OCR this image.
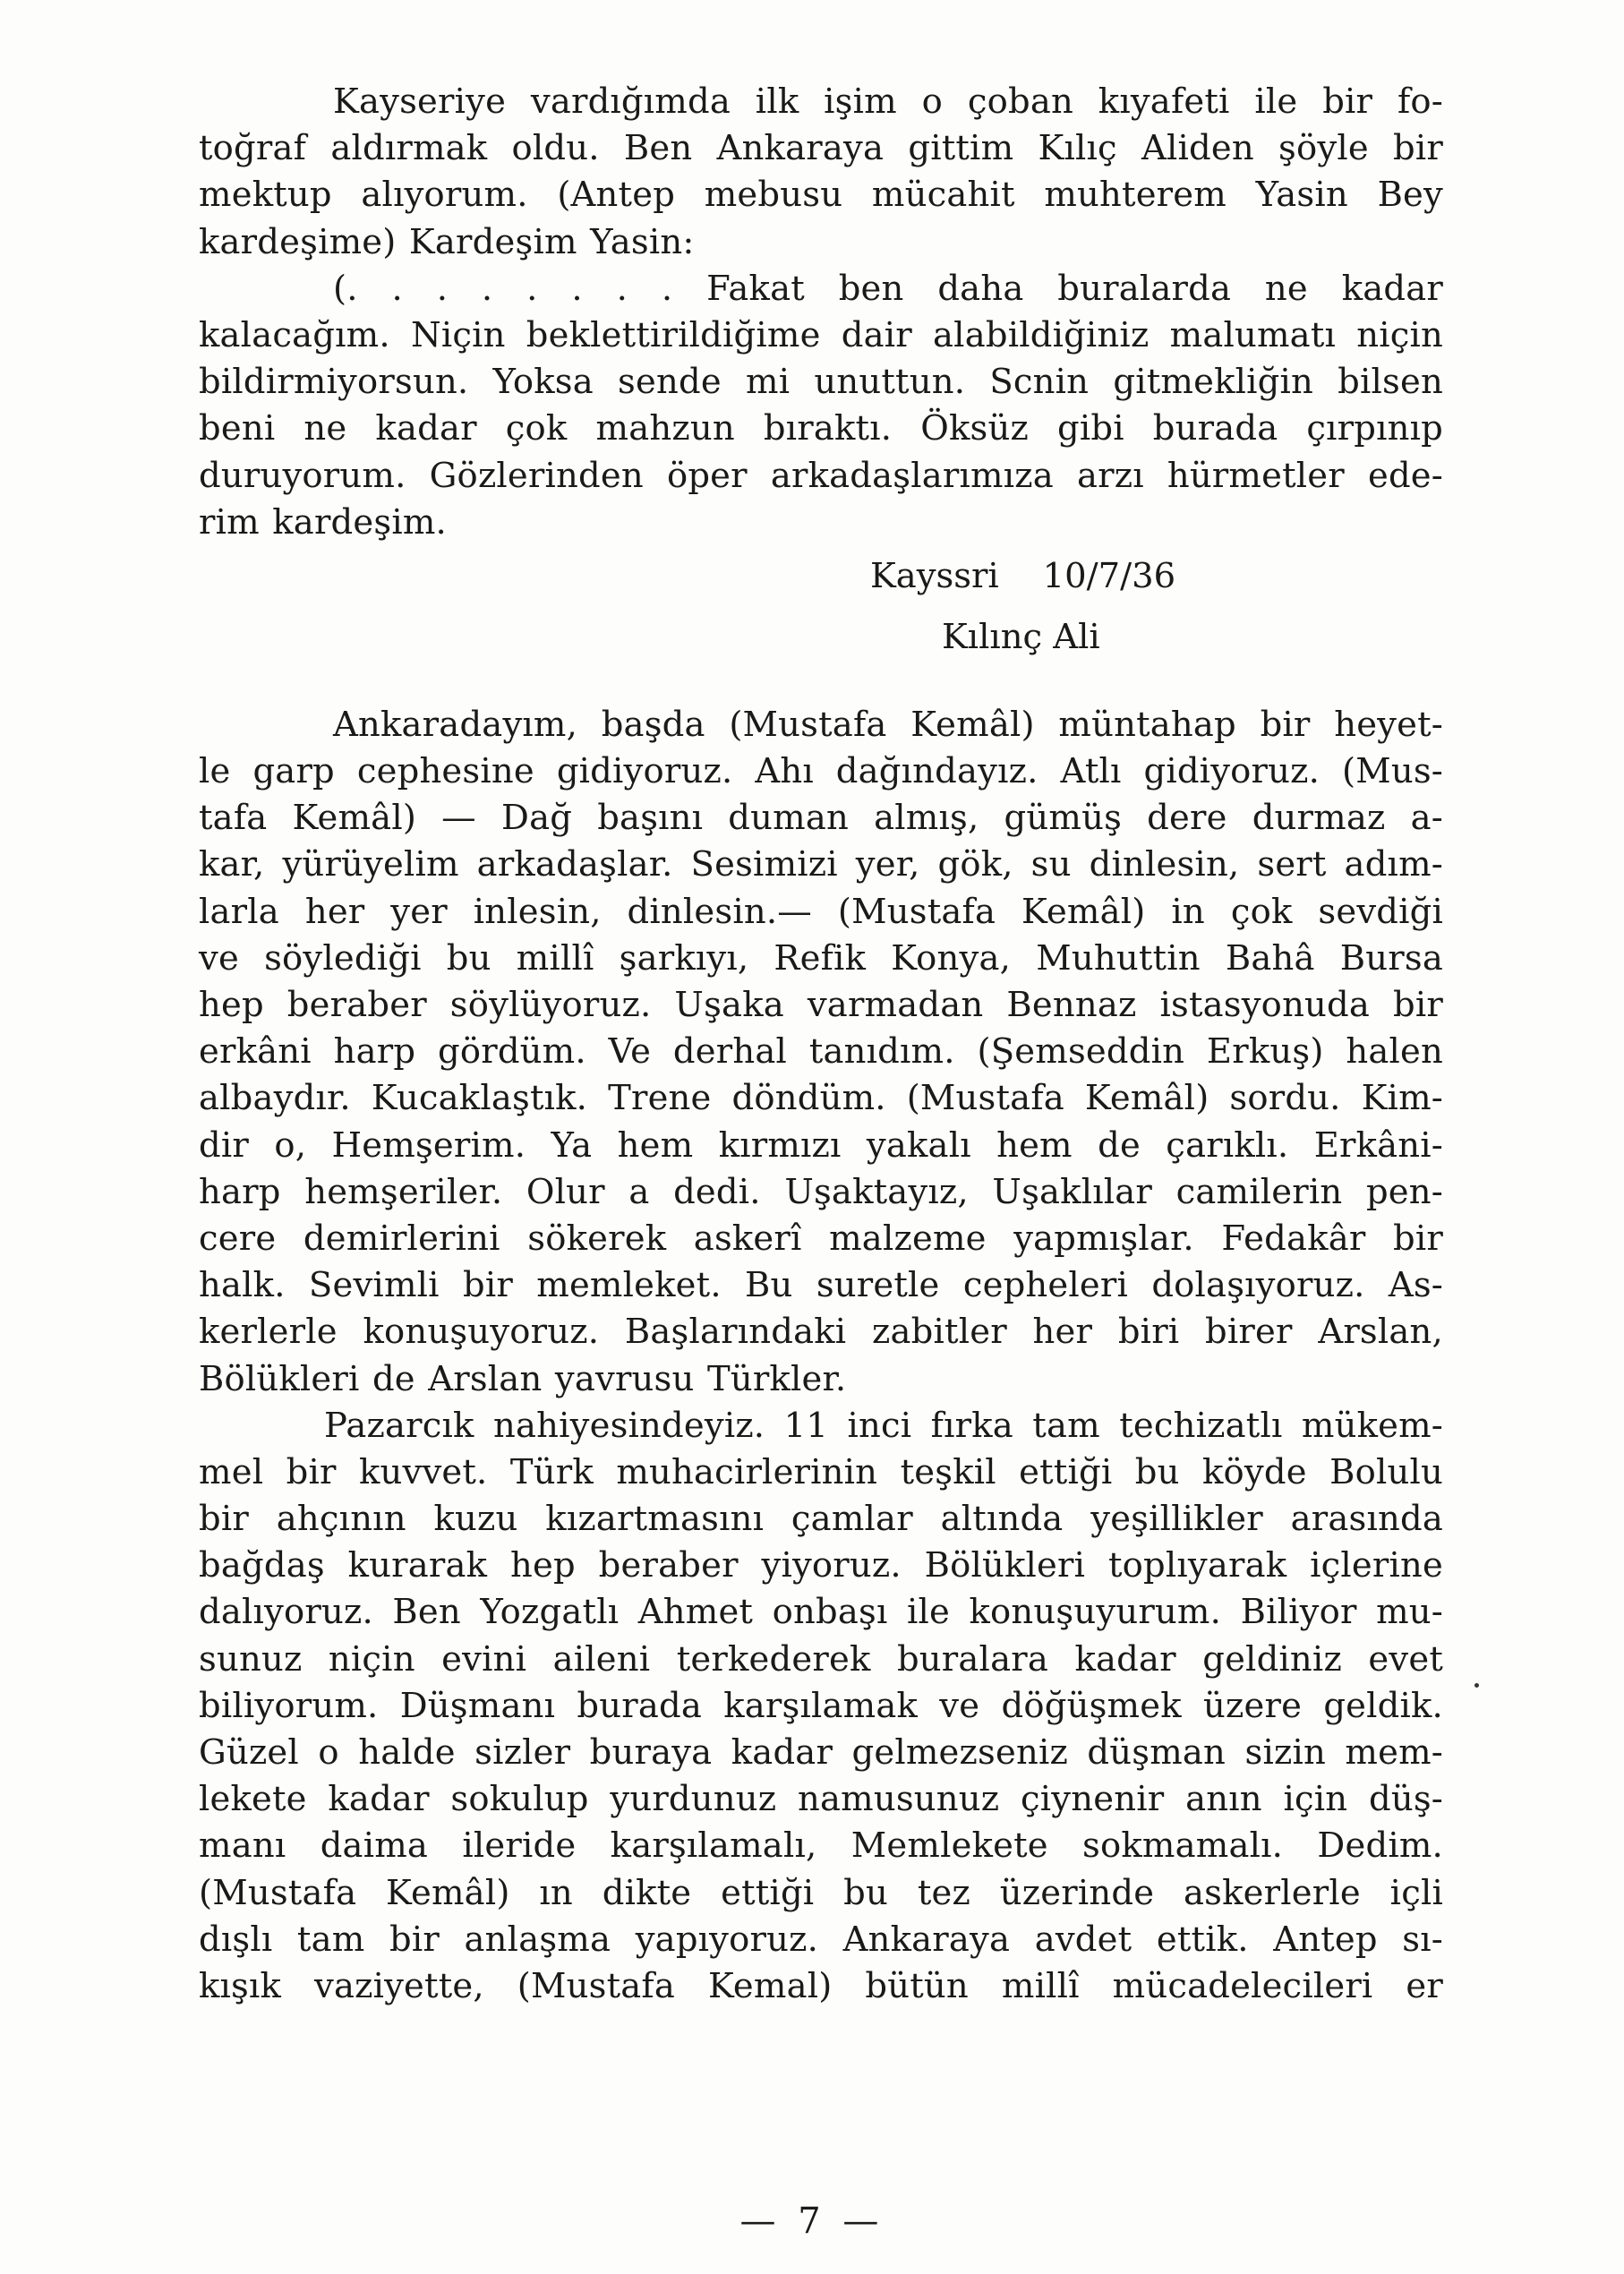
Kayseriye vardığımda ilk işim o çoban kıyafeti ile bir fo-
toğraf aldırmak oldu. Ben Ankaraya gittim Kılıç Aliden şöyle bir
mektup alıyorum. (Antep mebusu mücahit muhterem Yasin Bey
kardeşime) Kardeşim Yasin:
(. . . . . . . . Fakat ben daha buralarda ne kadar
kalacağım. Niçin beklettirildiğime dair alabildiğiniz malumatı niçin
bildirmiyorsun. Yoksa sende mi unuttun. Scnin gitmekliğin bilsen
beni ne kadar çok mahzun bıraktı. Öksüz gibi burada çırpınıp
duruyorum. Gözlerinden öper arkadaşlarımıza arzı hürmetler ede-
rim kardeşim.
Kayssri 10/7/36
Kılınç Ali
Ankaradayım, başda (Mustafa Kemâl) müntahap bir heyet-
le garp cephesine gidiyoruz. Ahı dağındayız. Atlı gidiyoruz. (Mus-
tafa Kemâl) — Dağ başını duman almış, gümüş dere durmaz a-
kar, yürüyelim arkadaşlar. Sesimizi yer, gök, su dinlesin, sert adım-
larla her yer inlesin, dinlesin.— (Mustafa Kemâl) in çok sevdiği
ve söylediği bu millî şarkıyı, Refik Konya, Muhuttin Bahâ Bursa
hep beraber söylüyoruz. Uşaka varmadan Bennaz istasyonuda bir
erkâni harp gördüm. Ve derhal tanıdım. (Şemseddin Erkuş) halen
albaydır. Kucaklaştık. Trene döndüm. (Mustafa Kemâl) sordu. Kim-
dir o, Hemşerim. Ya hem kırmızı yakalı hem de çarıklı. Erkâni-
harp hemşeriler. Olur a dedi. Uşaktayız, Uşaklılar camilerin pen-
cere demirlerini sökerek askerî malzeme yapmışlar. Fedakâr bir
halk. Sevimli bir memleket. Bu suretle cepheleri dolaşıyoruz. As-
kerlerle konuşuyoruz. Başlarındaki zabitler her biri birer Arslan,
Bölükleri de Arslan yavrusu Türkler.
Pazarcık nahiyesindeyiz. 11 inci fırka tam techizatlı mükem-
mel bir kuvvet. Türk muhacirlerinin teşkil ettiği bu köyde Bolulu
bir ahçının kuzu kızartmasını çamlar altında yeşillikler arasında
bağdaş kurarak hep beraber yiyoruz. Bölükleri toplıyarak içlerine
dalıyoruz. Ben Yozgatlı Ahmet onbaşı ile konuşuyurum. Biliyor mu-
sunuz niçin evini aileni terkederek buralara kadar geldiniz evet
biliyorum. Düşmanı burada karşılamak ve döğüşmek üzere geldik.
Güzel o halde sizler buraya kadar gelmezseniz düşman sizin mem-
lekete kadar sokulup yurdunuz namusunuz çiynenir anın için düş-
manı daima ileride karşılamalı, Memlekete sokmamalı. Dedim.
(Mustafa Kemâl) ın dikte ettiği bu tez üzerinde askerlerle içli
dışlı tam bir anlaşma yapıyoruz. Ankaraya avdet ettik. Antep sı-
kışık vaziyette, (Mustafa Kemal) bütün millî mücadelecileri er
— 7 —
